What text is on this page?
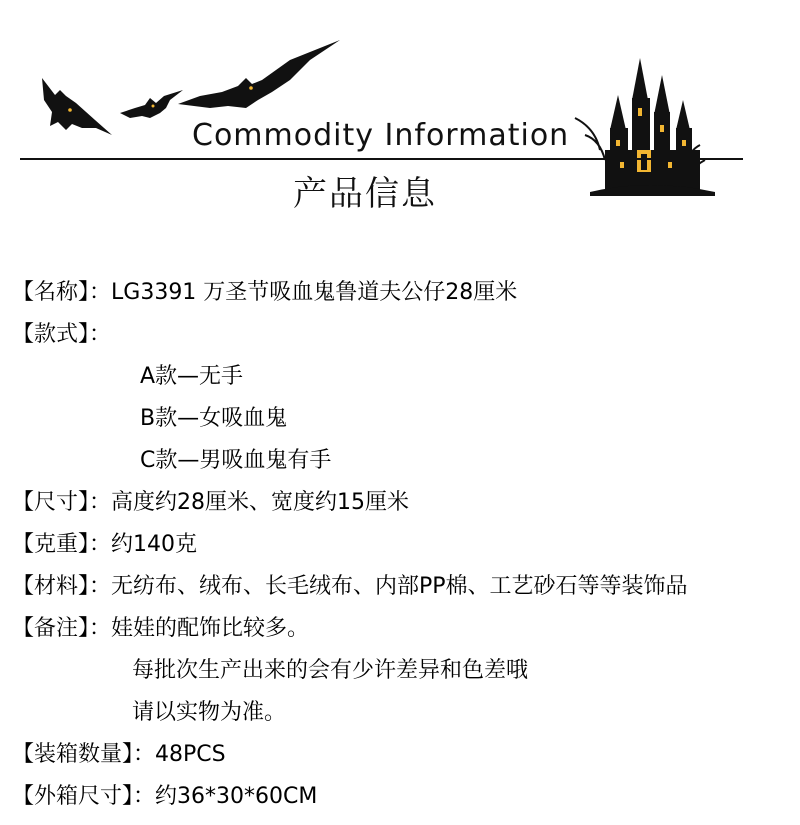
Commodity Information
产品信息
【名称】：LG3391 万圣节吸血鬼鲁道夫公仔28厘米
【款式】：
A款—无手
B款—女吸血鬼
C款—男吸血鬼有手
【尺寸】：高度约28厘米、宽度约15厘米
【克重】：约140克
【材料】：无纺布、绒布、长毛绒布、内部PP棉、工艺砂石等等装饰品
【备注】：娃娃的配饰比较多。
每批次生产出来的会有少许差异和色差哦
请以实物为准。
【装箱数量】：48PCS
【外箱尺寸】：约36*30*60CM
